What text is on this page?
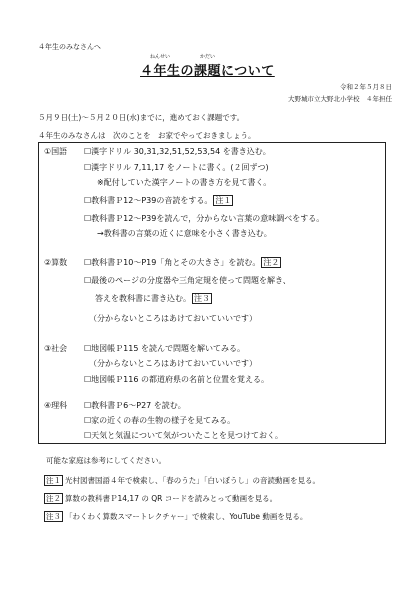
４年生のみなさんへ
ねんせい	かだい
４年生の課題について
令和２年５月８日
大野城市立大野北小学校　４年担任
５月９日(土)～５月２０日(水)までに，進めておく課題です。
４年生のみなさんは　次のことを　お家でやっておきましょう。
①国語 ☐漢字ドリル 30,31,32,51,52,53,54 を書き込む。
☐漢字ドリル 7,11,17 をノートに書く。(２回ずつ)
※配付していた漢字ノートの書き方を見て書く。
☐教科書Ｐ12～P39の音読をする。 注１
☐教科書Ｐ12～P39を読んで，分からない言葉の意味調べをする。
→教科書の言葉の近くに意味を小さく書き込む。
②算数 ☐教科書Ｐ10～P19「角とその大きさ」を読む。 注２
☐最後のページの分度器や三角定規を使って問題を解き、
答えを教科書に書き込む。 注３
（分からないところはあけておいていいです）
③社会 ☐地図帳Ｐ115 を読んで問題を解いてみる。
（分からないところはあけておいていいです）
☐地図帳Ｐ116 の都道府県の名前と位置を覚える。
④理科 ☐教科書Ｐ6～P27 を読む。
☐家の近くの春の生物の様子を見てみる。
☐天気と気温について気がついたことを見つけておく。
可能な家庭は参考にしてください。
注１ 光村図書国語４年で検索し、「春のうた」「白いぼうし」の音読動画を見る。
注２ 算数の教科書Ｐ14,17 の QR コードを読みとって動画を見る。
注３ 「わくわく算数スマートレクチャー」で検索し、YouTube 動画を見る。
